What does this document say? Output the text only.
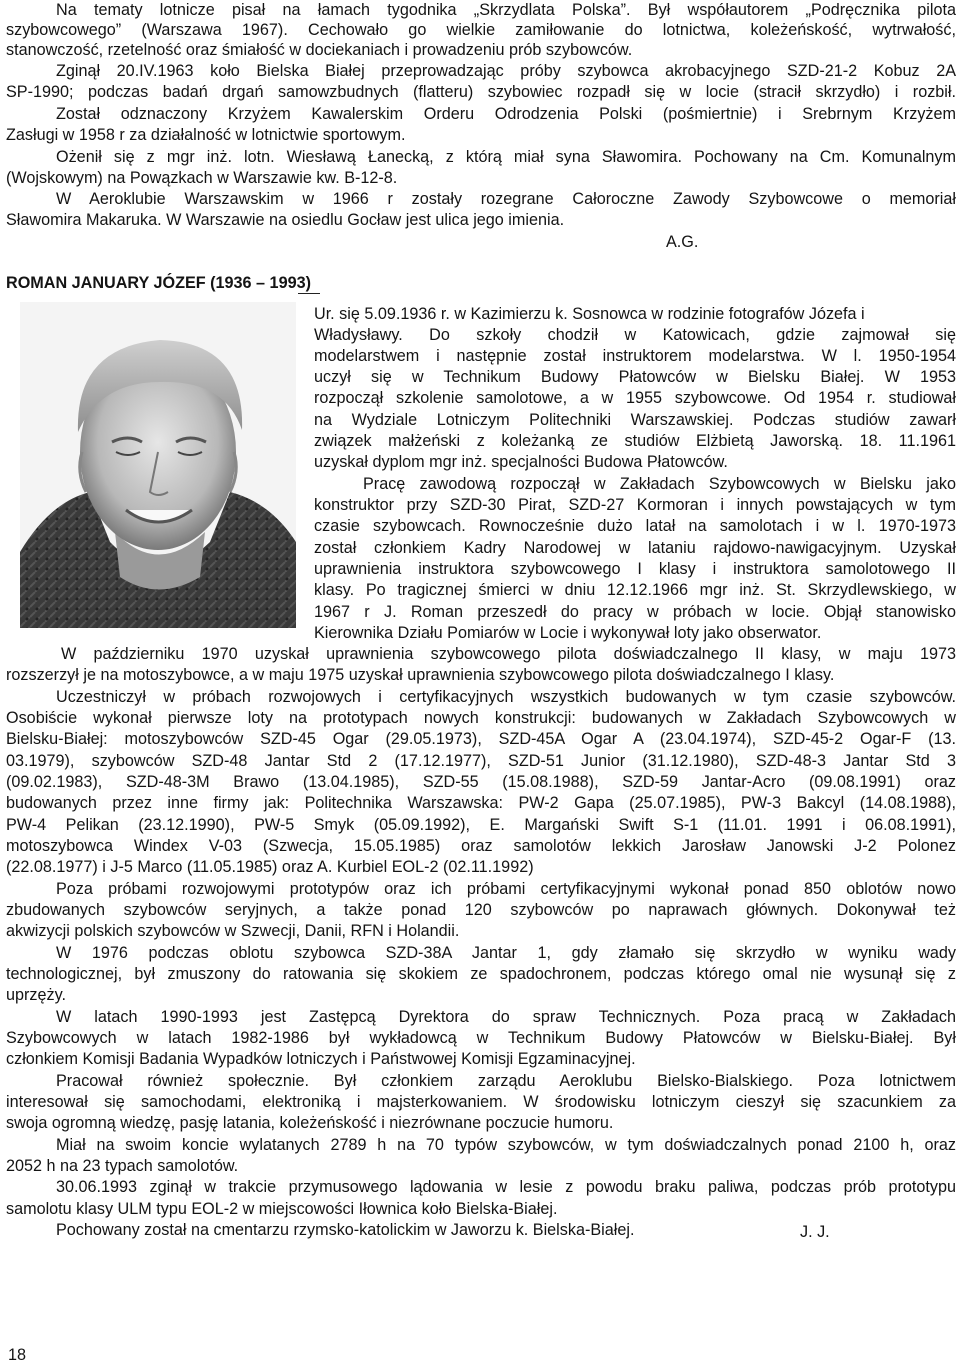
Na tematy lotnicze pisał na łamach tygodnika „Skrzydlata Polska”. Był współautorem „Podręcznika pilota
szybowcowego” (Warszawa 1967). Cechowało go wielkie zamiłowanie do lotnictwa, koleżeńskość, wytrwałość,
stanowczość, rzetelność oraz śmiałość w dociekaniach i prowadzeniu prób szybowców.
Zginął 20.IV.1963 koło Bielska Białej przeprowadzając próby szybowca akrobacyjnego SZD-21-2 Kobuz 2A
SP-1990; podczas badań drgań samowzbudnych (flatteru) szybowiec rozpadł się w locie (stracił skrzydło) i rozbił.
Został odznaczony Krzyżem Kawalerskim Orderu Odrodzenia Polski (pośmiertnie) i Srebrnym Krzyżem
Zasługi w 1958 r za działalność w lotnictwie sportowym.
Ożenił się z mgr inż. lotn. Wiesławą Łanecką, z którą miał syna Sławomira. Pochowany na Cm. Komunalnym
(Wojskowym) na Powązkach w Warszawie kw. B-12-8.
W Aeroklubie Warszawskim w 1966 r zostały rozegrane Całoroczne Zawody Szybowcowe o memoriał
Sławomira Makaruka. W Warszawie na osiedlu Gocław jest ulica jego imienia.
A.G.
ROMAN JANUARY JÓZEF (1936 – 1993)
Ur. się 5.09.1936 r. w Kazimierzu k. Sosnowca w rodzinie fotografów Józefa i
Władysławy. Do szkoły chodził w Katowicach, gdzie zajmował się
modelarstwem i następnie został instruktorem modelarstwa. W l. 1950-1954
uczył się w Technikum Budowy Płatowców w Bielsku Białej. W 1953
rozpoczął szkolenie samolotowe, a w 1955 szybowcowe. Od 1954 r. studiował
na Wydziale Lotniczym Politechniki Warszawskiej. Podczas studiów zawarł
związek małżeński z koleżanką ze studiów Elżbietą Jaworską. 18. 11.1961
uzyskał dyplom mgr inż. specjalności Budowa Płatowców.
Pracę zawodową rozpoczął w Zakładach Szybowcowych w Bielsku jako
konstruktor przy SZD-30 Pirat, SZD-27 Kormoran i innych powstających w tym
czasie szybowcach. Rownocześnie dużo latał na samolotach i w l. 1970-1973
został członkiem Kadry Narodowej w lataniu rajdowo-nawigacyjnym. Uzyskał
uprawnienia instruktora szybowcowego I klasy i instruktora samolotowego II
klasy. Po tragicznej śmierci w dniu 12.12.1966 mgr inż. St. Skrzydlewskiego, w
1967 r J. Roman przeszedł do pracy w próbach w locie. Objął stanowisko
Kierownika Działu Pomiarów w Locie i wykonywał loty jako obserwator.
W październiku 1970 uzyskał uprawnienia szybowcowego pilota doświadczalnego II klasy, w maju 1973
rozszerzył je na motoszybowce, a w maju 1975 uzyskał uprawnienia szybowcowego pilota doświadczalnego I klasy.
Uczestniczył w próbach rozwojowych i certyfikacyjnych wszystkich budowanych w tym czasie szybowców.
Osobiście wykonał pierwsze loty na prototypach nowych konstrukcji: budowanych w Zakładach Szybowcowych w
Bielsku-Białej: motoszybowców SZD-45 Ogar (29.05.1973), SZD-45A Ogar A (23.04.1974), SZD-45-2 Ogar-F (13.
03.1979), szybowców SZD-48 Jantar Std 2 (17.12.1977), SZD-51 Junior (31.12.1980), SZD-48-3 Jantar Std 3
(09.02.1983), SZD-48-3M Brawo (13.04.1985), SZD-55 (15.08.1988), SZD-59 Jantar-Acro (09.08.1991) oraz
budowanych przez inne firmy jak: Politechnika Warszawska: PW-2 Gapa (25.07.1985), PW-3 Bakcyl (14.08.1988),
PW-4 Pelikan (23.12.1990), PW-5 Smyk (05.09.1992), E. Margański Swift S-1 (11.01. 1991 i 06.08.1991),
motoszybowca Windex V-03 (Szwecja, 15.05.1985) oraz samolotów lekkich Jarosław Janowski J-2 Polonez
(22.08.1977) i J-5 Marco (11.05.1985) oraz A. Kurbiel EOL-2 (02.11.1992)
Poza próbami rozwojowymi prototypów oraz ich próbami certyfikacyjnymi wykonał ponad 850 oblotów nowo
zbudowanych szybowców seryjnych, a także ponad 120 szybowców po naprawach głównych. Dokonywał też
akwizycji polskich szybowców w Szwecji, Danii, RFN i Holandii.
W 1976 podczas oblotu szybowca SZD-38A Jantar 1, gdy złamało się skrzydło w wyniku wady
technologicznej, był zmuszony do ratowania się skokiem ze spadochronem, podczas którego omal nie wysunął się z
uprzęży.
W latach 1990-1993 jest Zastępcą Dyrektora do spraw Technicznych. Poza pracą w Zakładach
Szybowcowych w latach 1982-1986 był wykładowcą w Technikum Budowy Płatowców w Bielsku-Białej. Był
członkiem Komisji Badania Wypadków lotniczych i Państwowej Komisji Egzaminacyjnej.
Pracował również społecznie. Był członkiem zarządu Aeroklubu Bielsko-Bialskiego. Poza lotnictwem
interesował się samochodami, elektroniką i majsterkowaniem. W środowisku lotniczym cieszył się szacunkiem za
swoja ogromną wiedzę, pasję latania, koleżeńskość i niezrównane poczucie humoru.
Miał na swoim koncie wylatanych 2789 h na 70 typów szybowców, w tym doświadczalnych ponad 2100 h, oraz
2052 h na 23 typach samolotów.
30.06.1993 zginął w trakcie przymusowego lądowania w lesie z powodu braku paliwa, podczas prób prototypu
samolotu klasy ULM typu EOL-2 w miejscowości Iłownica koło Bielska-Białej.
Pochowany został na cmentarzu rzymsko-katolickim w Jaworzu k. Bielska-Białej.	J. J.
18
